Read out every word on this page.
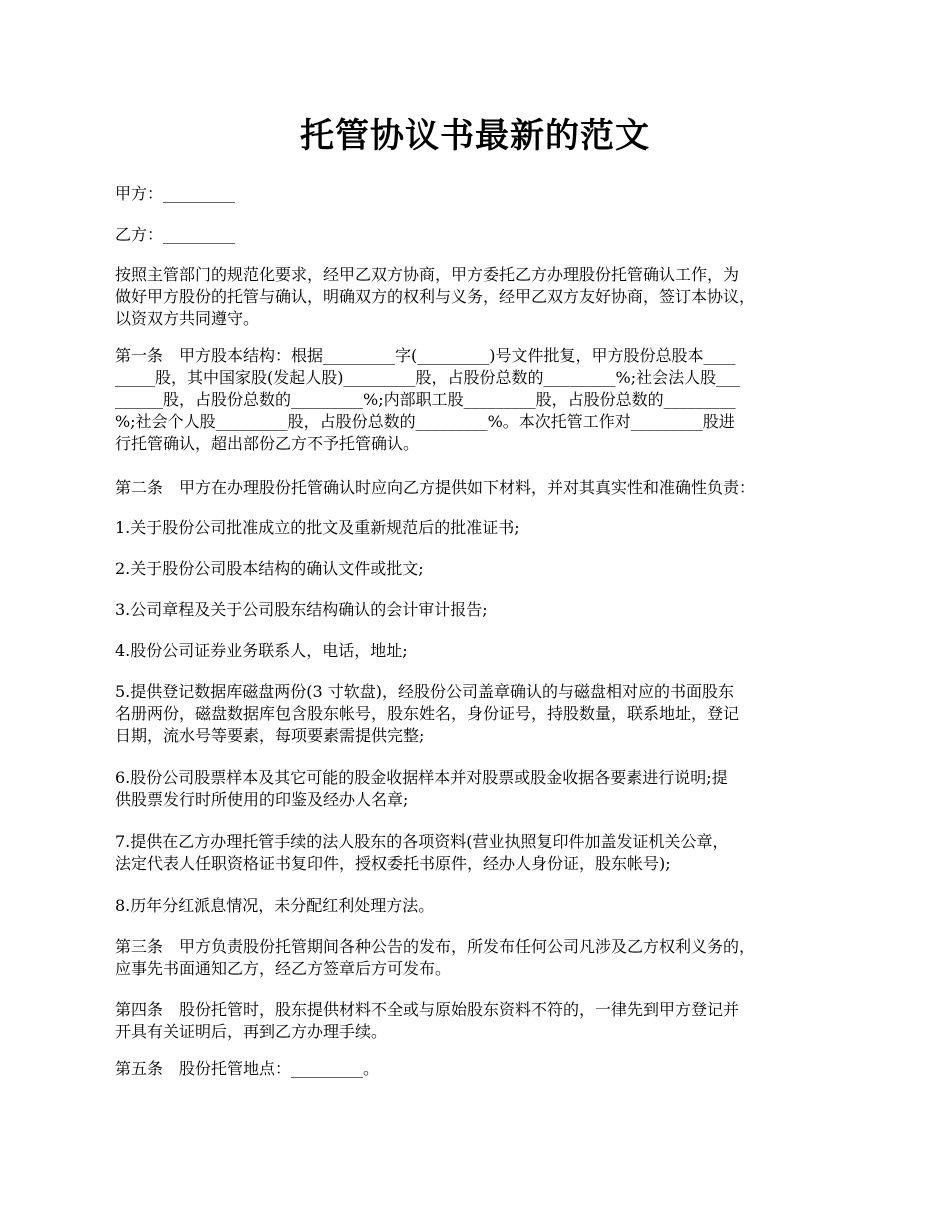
托管协议书最新的范文
甲方：_________
乙方：_________
按照主管部门的规范化要求，经甲乙双方协商，甲方委托乙方办理股份托管确认工作，为
做好甲方股份的托管与确认，明确双方的权利与义务，经甲乙双方友好协商，签订本协议，
以资双方共同遵守。
第一条　甲方股本结构：根据_________字(_________)号文件批复，甲方股份总股本____
_____股，其中国家股(发起人股)_________股，占股份总数的_________%;社会法人股___
______股，占股份总数的_________%;内部职工股_________股，占股份总数的_________
%;社会个人股_________股，占股份总数的_________%。本次托管工作对_________股进
行托管确认，超出部份乙方不予托管确认。
第二条　甲方在办理股份托管确认时应向乙方提供如下材料，并对其真实性和准确性负责：
1.关于股份公司批准成立的批文及重新规范后的批准证书;
2.关于股份公司股本结构的确认文件或批文;
3.公司章程及关于公司股东结构确认的会计审计报告;
4.股份公司证券业务联系人，电话，地址;
5.提供登记数据库磁盘两份(3 寸软盘)，经股份公司盖章确认的与磁盘相对应的书面股东
名册两份，磁盘数据库包含股东帐号，股东姓名，身份证号，持股数量，联系地址，登记
日期，流水号等要素，每项要素需提供完整;
6.股份公司股票样本及其它可能的股金收据样本并对股票或股金收据各要素进行说明;提
供股票发行时所使用的印鉴及经办人名章;
7.提供在乙方办理托管手续的法人股东的各项资料(营业执照复印件加盖发证机关公章，
法定代表人任职资格证书复印件，授权委托书原件，经办人身份证，股东帐号);
8.历年分红派息情况，未分配红利处理方法。
第三条　甲方负责股份托管期间各种公告的发布，所发布任何公司凡涉及乙方权利义务的，
应事先书面通知乙方，经乙方签章后方可发布。
第四条　股份托管时，股东提供材料不全或与原始股东资料不符的，一律先到甲方登记并
开具有关证明后，再到乙方办理手续。
第五条　股份托管地点：_________。
